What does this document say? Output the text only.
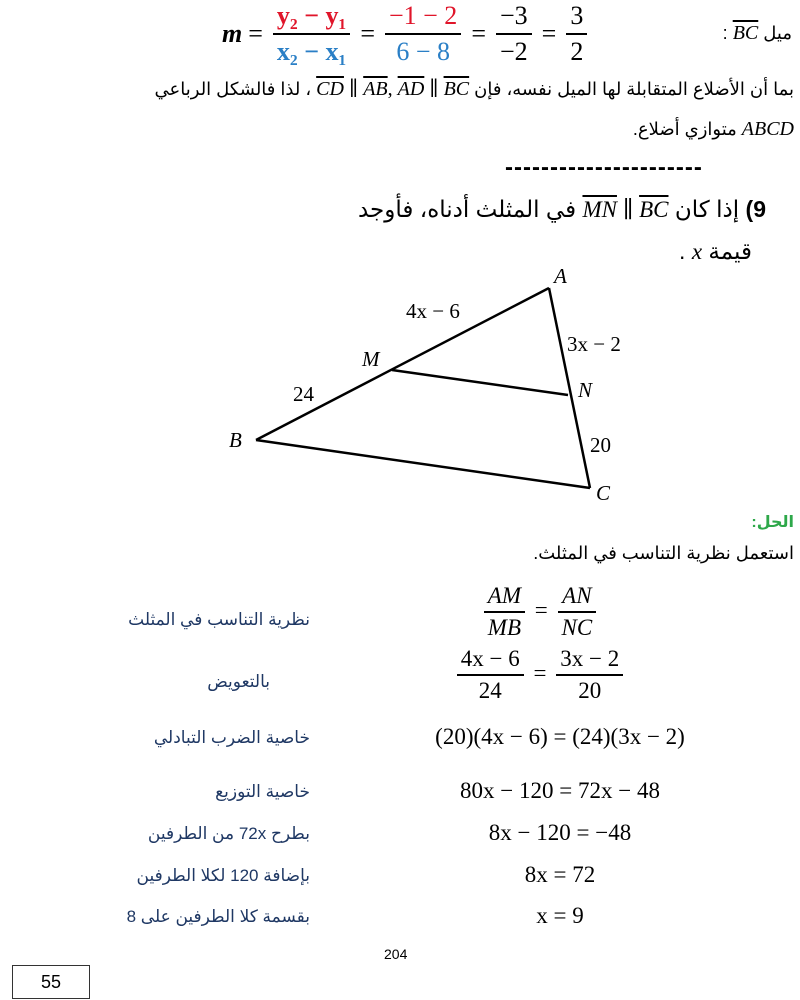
$m = \frac{\text{y₂ − y₁}}{\text{x₂ − x₁}} = \frac{-1 - 2}{6 - 8} = \frac{-3}{-2} = \frac{3}{2}$	ميل BC :
بما أن الأضلاع المتقابلة لها الميل نفسه، فإن $\overline{CD}$ ∥ $\overline{AB}$, $\overline{AD}$ ∥ $\overline{BC}$ ، لذا فالشكل الرباعي
ABCD متوازي أضلاع.
----------------------
9) إذا كان $\overline{MN}$ ∥ $\overline{BC}$ في المثلث أدناه، فأوجد
قيمة x .
A
B
C
M
N
4x − 6
3x − 2
24
20
الحل:
استعمل نظرية التناسب في المثلث.
نظرية التناسب في المثلث	$\frac{AM}{MB} = \frac{AN}{NC}$
بالتعويض	$\frac{4x - 6}{24} = \frac{3x - 2}{20}$
خاصية الضرب التبادلي	(20)(4x − 6) = (24)(3x − 2)
خاصية التوزيع	80x − 120 = 72x − 48
بطرح 72x من الطرفين	8x − 120 = −48
بإضافة 120 لكلا الطرفين	8x = 72
بقسمة كلا الطرفين على 8	x = 9
204
55
